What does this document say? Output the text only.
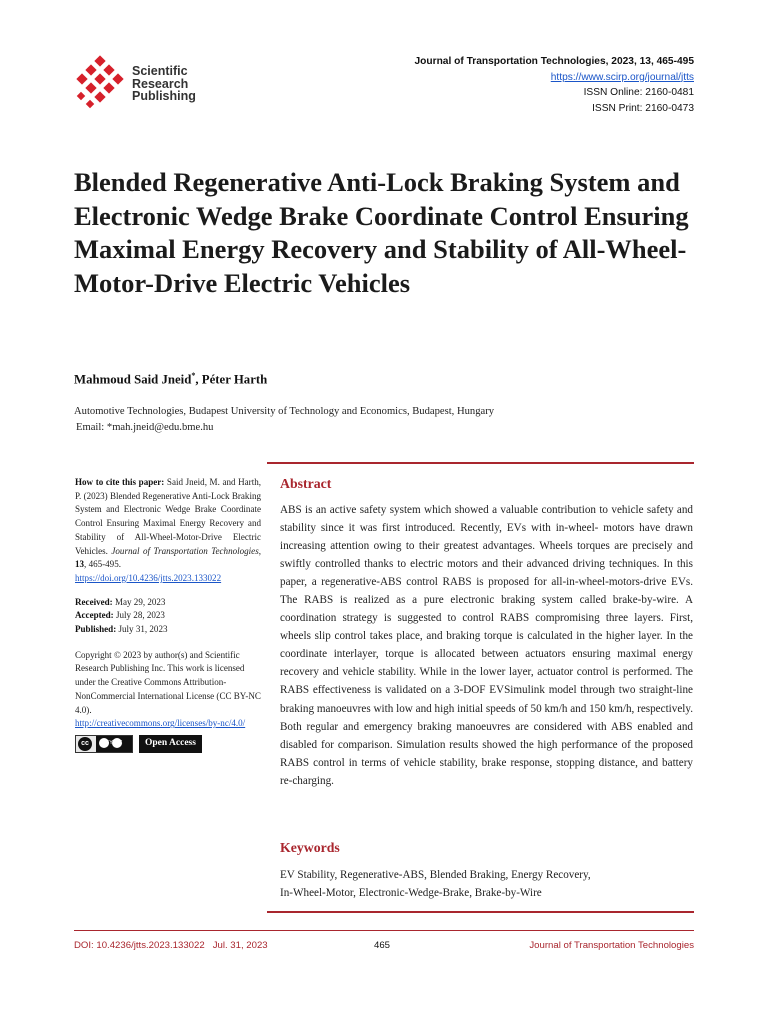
Scientific
Research
Publishing
Journal of Transportation Technologies, 2023, 13, 465-495
https://www.scirp.org/journal/jtts
ISSN Online: 2160-0481
ISSN Print: 2160-0473
Blended Regenerative Anti-Lock Braking System and Electronic Wedge Brake Coordinate Control Ensuring Maximal Energy Recovery and Stability of All-Wheel-Motor-Drive Electric Vehicles
Mahmoud Said Jneid*, Péter Harth
Automotive Technologies, Budapest University of Technology and Economics, Budapest, Hungary
Email: *mah.jneid@edu.bme.hu
How to cite this paper: Said Jneid, M. and Harth, P. (2023) Blended Regenerative Anti-Lock Braking System and Electronic Wedge Brake Coordinate Control Ensuring Maximal Energy Recovery and Stability of All-Wheel-Motor-Drive Electric Vehicles. Journal of Transportation Technologies, 13, 465-495.
https://doi.org/10.4236/jtts.2023.133022
Received: May 29, 2023
Accepted: July 28, 2023
Published: July 31, 2023
Copyright © 2023 by author(s) and Scientific Research Publishing Inc. This work is licensed under the Creative Commons Attribution-NonCommercial International License (CC BY-NC 4.0).
http://creativecommons.org/licenses/by-nc/4.0/
cc	BY	Open Access
Abstract

ABS is an active safety system which showed a valuable contribution to vehicle safety and stability since it was first introduced. Recently, EVs with in-wheel- motors have drawn increasing attention owing to their greatest advantages. Wheels torques are precisely and swiftly controlled thanks to electric motors and their advanced driving techniques. In this paper, a regenerative-ABS control RABS is proposed for all-in-wheel-motors-drive EVs. The RABS is realized as a pure electronic braking system called brake-by-wire. A coordination strategy is suggested to control RABS compromising three layers. First, wheels slip control takes place, and braking torque is calculated in the higher layer. In the coordinate interlayer, torque is allocated between actuators ensuring maximal energy recovery and vehicle stability. While in the lower layer, actuator control is performed. The RABS effectiveness is validated on a 3-DOF EVSimulink model through two straight-line braking manoeuvres with low and high initial speeds of 50 km/h and 150 km/h, respectively. Both regular and emergency braking manoeuvres are considered with ABS enabled and disabled for comparison. Simulation results showed the high performance of the proposed RABS control in terms of vehicle stability, brake response, stopping distance, and battery re-charging.

Keywords
EV Stability, Regenerative-ABS, Blended Braking, Energy Recovery,
In-Wheel-Motor, Electronic-Wedge-Brake, Brake-by-Wire
DOI: 10.4236/jtts.2023.133022 Jul. 31, 2023	465	Journal of Transportation Technologies
